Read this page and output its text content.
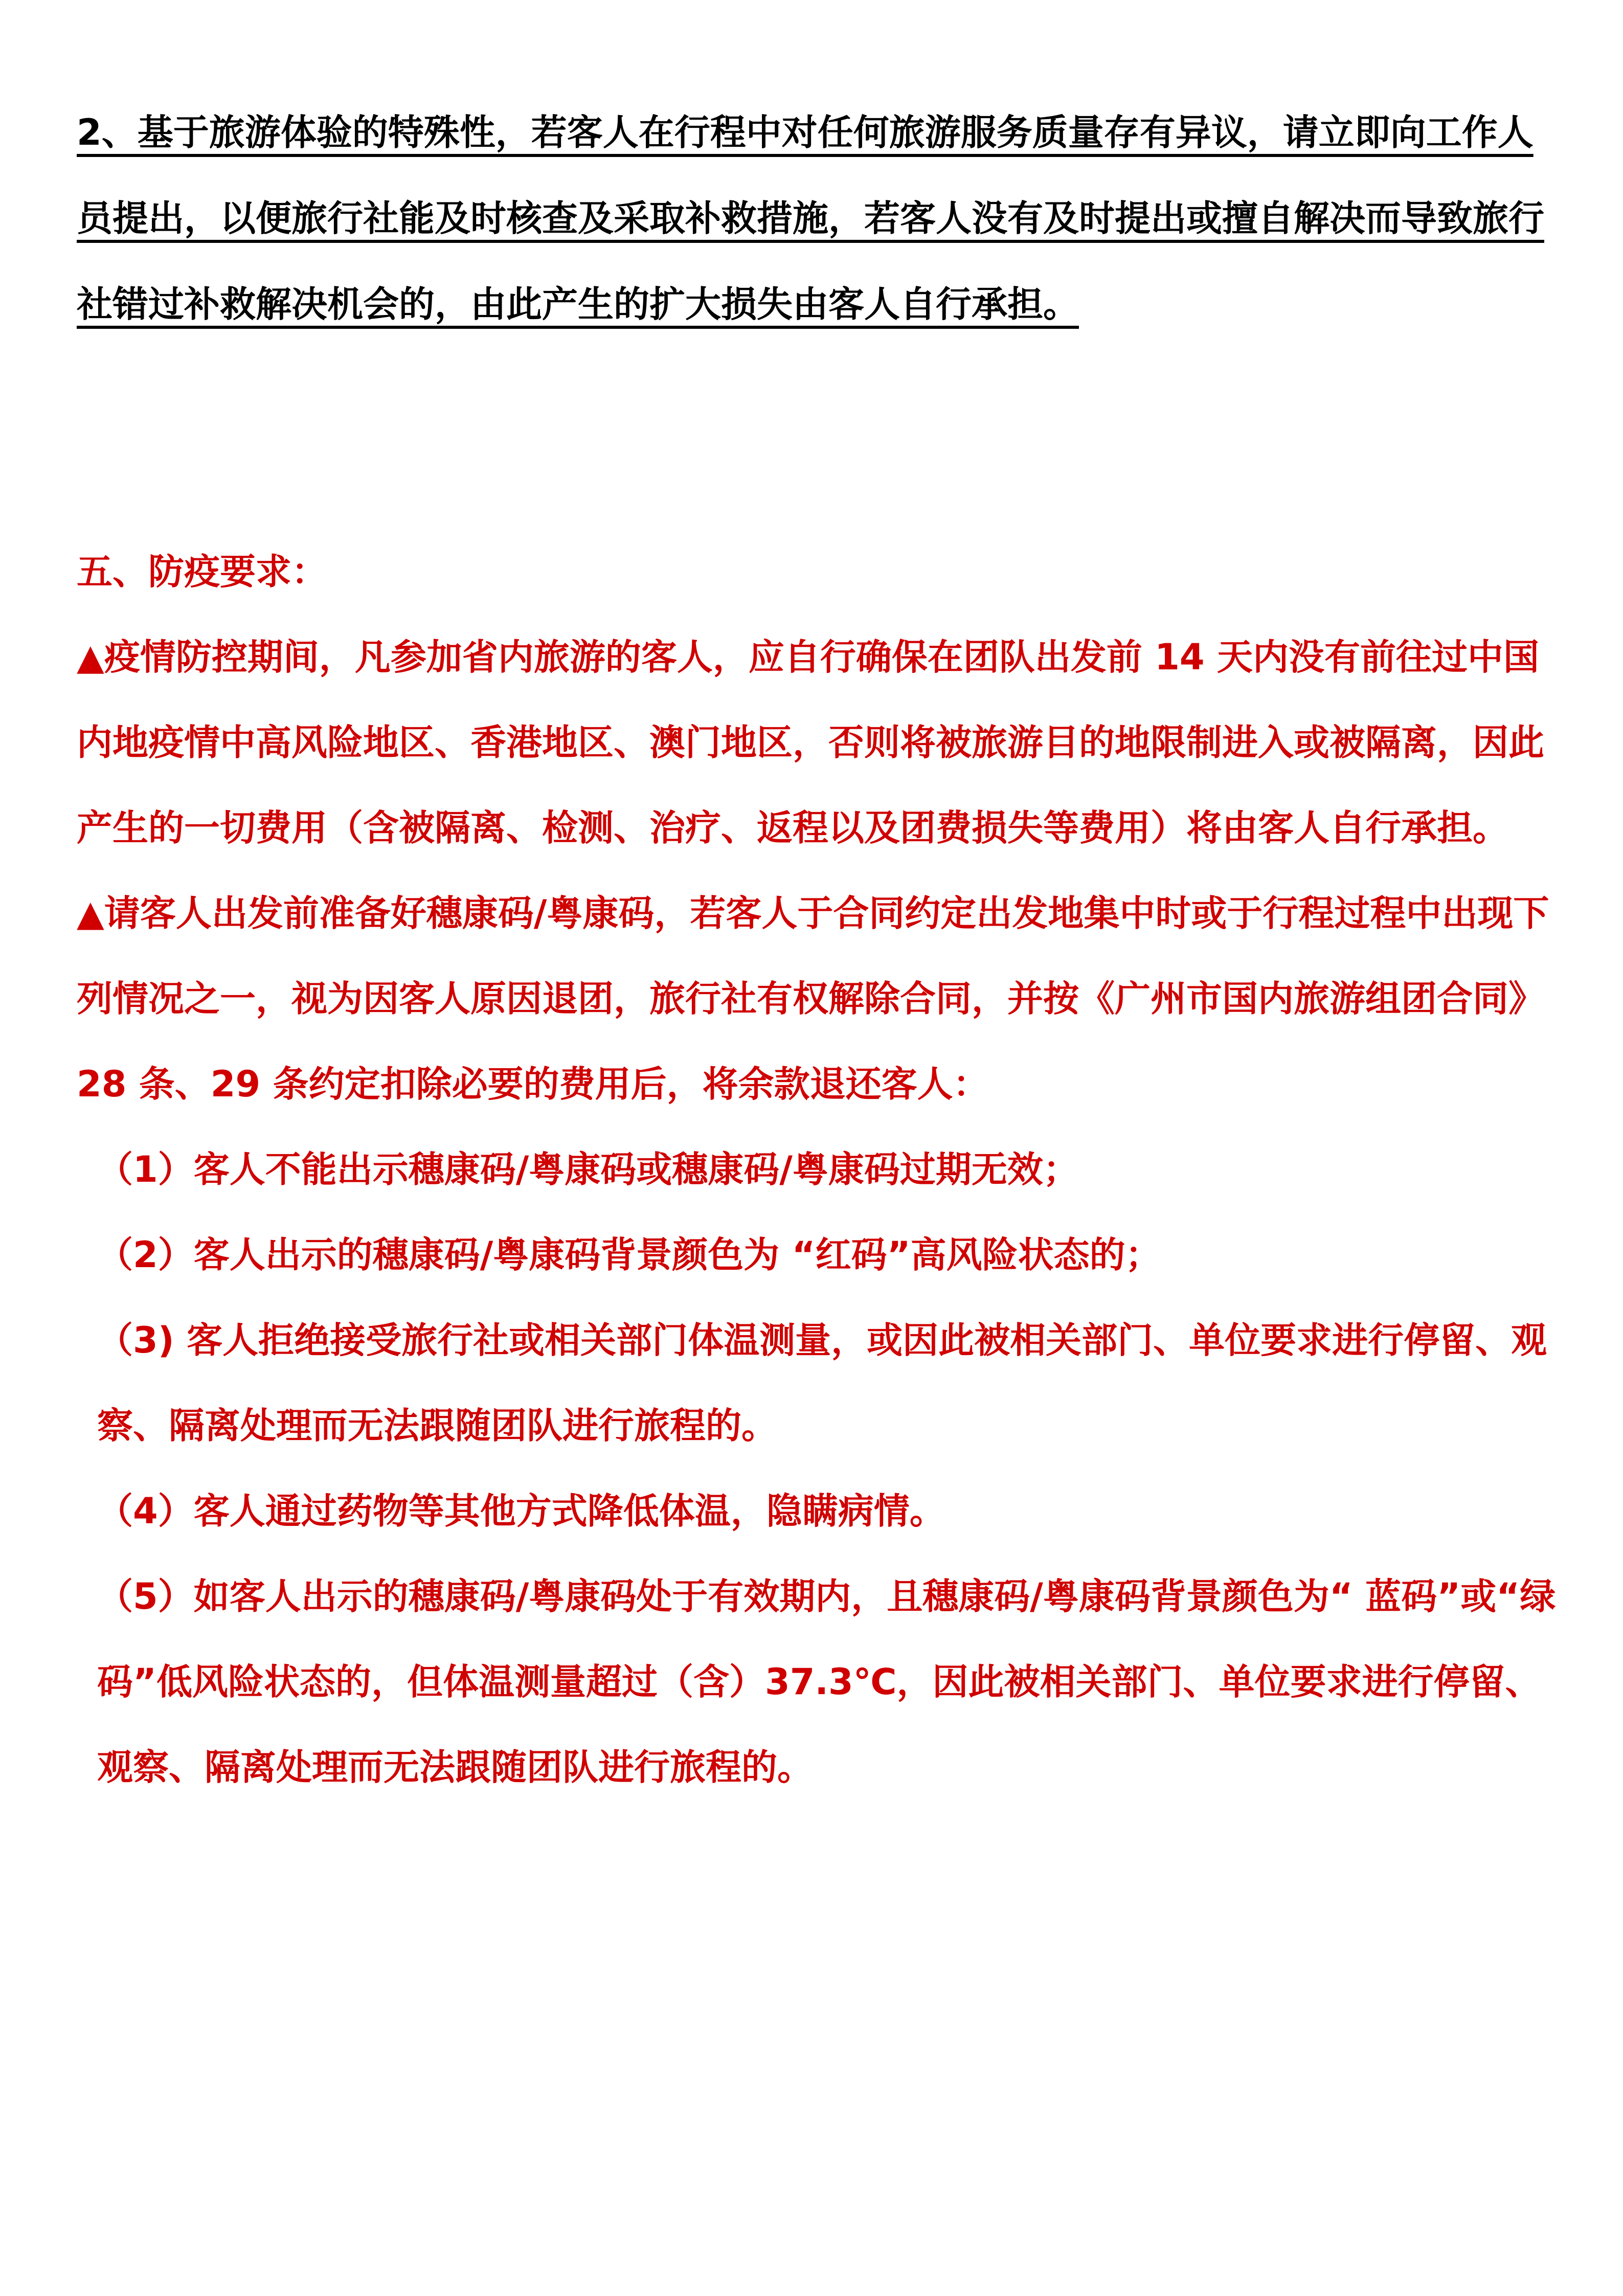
2、基于旅游体验的特殊性，若客人在行程中对任何旅游服务质量存有异议，请立即向工作人员提出，以便旅行社能及时核查及采取补救措施，若客人没有及时提出或擅自解决而导致旅行社错过补救解决机会的，由此产生的扩大损失由客人自行承担。

五、防疫要求：

▲疫情防控期间，凡参加省内旅游的客人，应自行确保在团队出发前 14 天内没有前往过中国内地疫情中高风险地区、香港地区、澳门地区，否则将被旅游目的地限制进入或被隔离，因此产生的一切费用（含被隔离、检测、治疗、返程以及团费损失等费用）将由客人自行承担。

▲请客人出发前准备好穗康码/粤康码，若客人于合同约定出发地集中时或于行程过程中出现下列情况之一，视为因客人原因退团，旅行社有权解除合同，并按《广州市国内旅游组团合同》28 条、29 条约定扣除必要的费用后，将余款退还客人：

（1）客人不能出示穗康码/粤康码或穗康码/粤康码过期无效；

（2）客人出示的穗康码/粤康码背景颜色为 “红码”高风险状态的；

（3) 客人拒绝接受旅行社或相关部门体温测量，或因此被相关部门、单位要求进行停留、观察、隔离处理而无法跟随团队进行旅程的。

（4）客人通过药物等其他方式降低体温，隐瞒病情。

（5）如客人出示的穗康码/粤康码处于有效期内，且穗康码/粤康码背景颜色为“ 蓝码”或“绿码”低风险状态的，但体温测量超过（含）37.3℃，因此被相关部门、单位要求进行停留、观察、隔离处理而无法跟随团队进行旅程的。
